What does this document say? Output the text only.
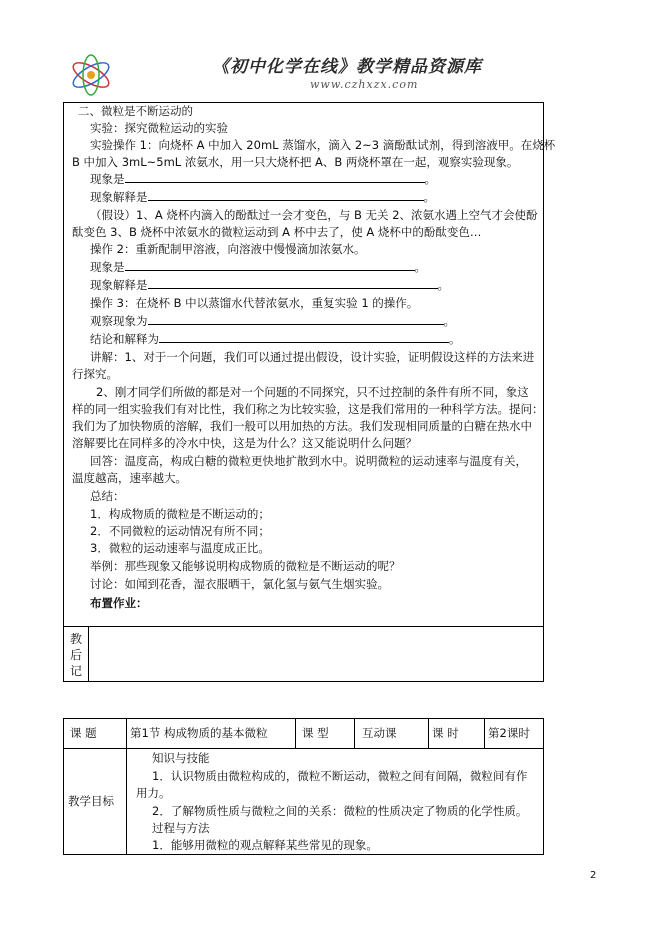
《初中化学在线》教学精品资源库
www.czhxzx.com
二、微粒是不断运动的
实验：探究微粒运动的实验
实验操作 1：向烧杯 A 中加入 20mL 蒸馏水，滴入 2~3 滴酚酞试剂，得到溶液甲。在烧杯
B 中加入 3mL~5mL 浓氨水，用一只大烧杯把 A、B 两烧杯罩在一起，观察实验现象。
现象是	。
现象解释是	。
（假设）1、A 烧杯内滴入的酚酞过一会才变色，与 B 无关 2、浓氨水遇上空气才会使酚
酞变色 3、B 烧杯中浓氨水的微粒运动到 A 杯中去了，使 A 烧杯中的酚酞变色…
操作 2：重新配制甲溶液，向溶液中慢慢滴加浓氨水。
现象是	。
现象解释是	。
操作 3：在烧杯 B 中以蒸馏水代替浓氨水，重复实验 1 的操作。
观察现象为	。
结论和解释为	。
讲解：1、对于一个问题，我们可以通过提出假设，设计实验，证明假设这样的方法来进
行探究。
2、刚才同学们所做的都是对一个问题的不同探究，只不过控制的条件有所不同，象这
样的同一组实验我们有对比性，我们称之为比较实验，这是我们常用的一种科学方法。提问：
我们为了加快物质的溶解，我们一般可以用加热的方法。我们发现相同质量的白糖在热水中
溶解要比在同样多的冷水中快，这是为什么？这又能说明什么问题？
回答：温度高，构成白糖的微粒更快地扩散到水中。说明微粒的运动速率与温度有关，
温度越高，速率越大。
总结：
1．构成物质的微粒是不断运动的；
2．不同微粒的运动情况有所不同；
3．微粒的运动速率与温度成正比。
举例：那些现象又能够说明构成物质的微粒是不断运动的呢？
讨论：如闻到花香，湿衣服晒干，氯化氢与氨气生烟实验。
布置作业：
教后记
课 题	第1节 构成物质的基本微粒	课 型	互动课	课 时	第2课时
教学目标
知识与技能
1．认识物质由微粒构成的，微粒不断运动，微粒之间有间隔，微粒间有作
用力。
2．了解物质性质与微粒之间的关系：微粒的性质决定了物质的化学性质。
过程与方法
1．能够用微粒的观点解释某些常见的现象。
2
